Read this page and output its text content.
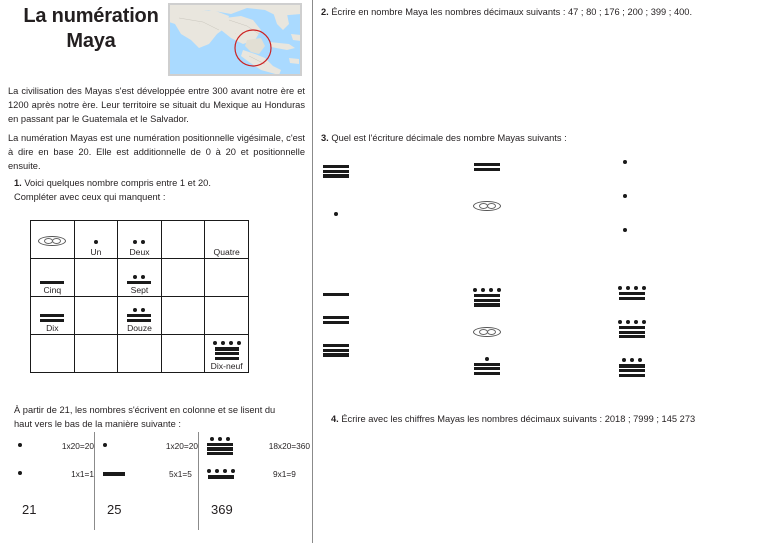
La numération
Maya
.
.
La civilisation des Mayas s'est développée entre 300 avant notre ère et 1200 après notre ère. Leur territoire se situait du Mexique au Honduras en passant par le Guatemala et le Salvador.
La numération Mayas est une numération positionnelle vigésimale, c'est à dire en base 20. Elle est additionnelle de 0 à 20 et positionnelle ensuite.
1. Voici quelques nombre compris entre 1 et 20.
Compléter avec ceux qui manquent :

	Un	Deux		Quatre

Cinq		Sept		

Dix		Douze		

				Dix-neuf
À partir de 21, les nombres s'écrivent en colonne et se lisent du
haut vers le bas de la manière suivante :
1x20=20
1x1=1
21
1x20=20
5x1=5
25
18x20=360
9x1=9
369
2. Écrire en nombre Maya les nombres décimaux suivants : 47 ; 80 ; 176 ; 200 ; 399 ; 400.
3. Quel est l'écriture décimale des nombre Mayas suivants :
4. Écrire avec les chiffres Mayas les nombres décimaux suivants : 2018 ; 7999 ; 145 273
